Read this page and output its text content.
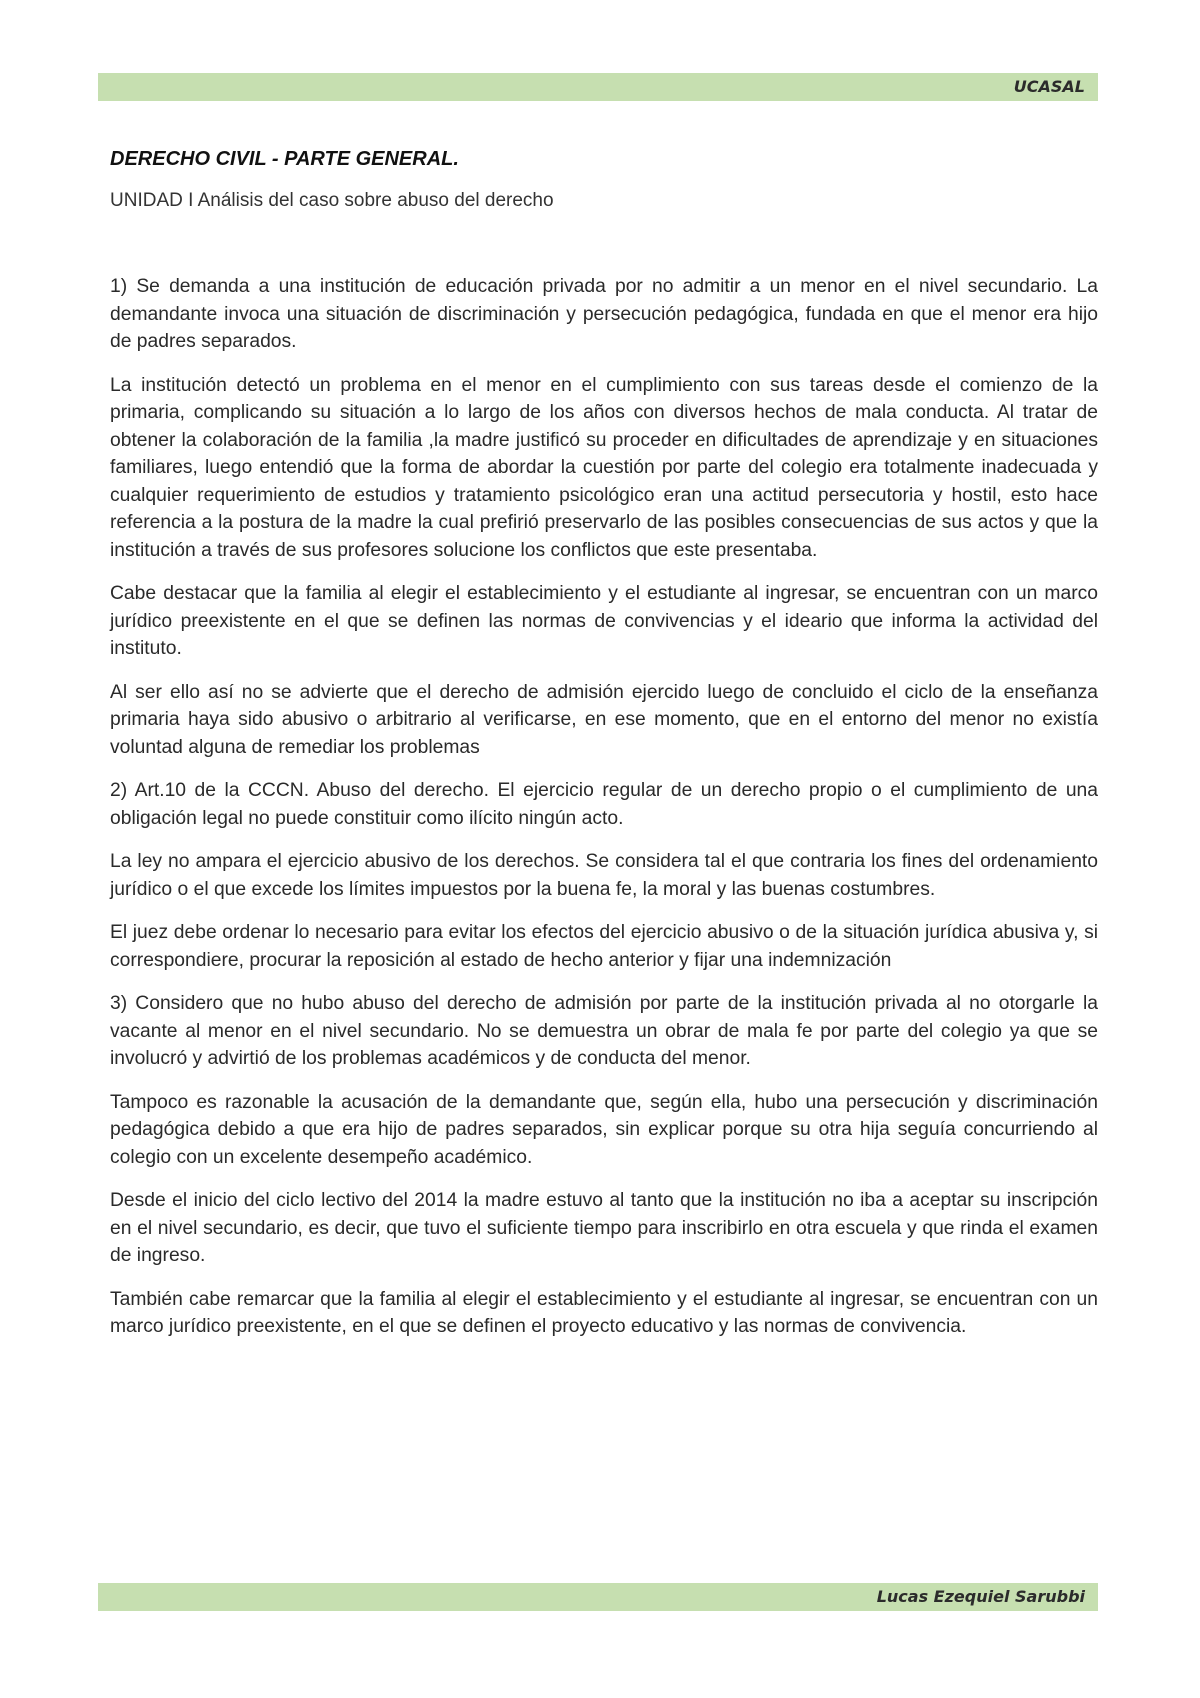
UCASAL
DERECHO CIVIL - PARTE GENERAL.

UNIDAD I Análisis del caso sobre abuso del derecho

1) Se demanda a una institución de educación privada por no admitir a un menor en el nivel secundario. La demandante invoca una situación de discriminación y persecución pedagógica, fundada en que el menor era hijo de padres separados.

La institución detectó un problema en el menor en el cumplimiento con sus tareas desde el comienzo de la primaria, complicando su situación a lo largo de los años con diversos hechos de mala conducta. Al tratar de obtener la colaboración de la familia ,la madre justificó su proceder en dificultades de aprendizaje y en situaciones familiares, luego entendió que la forma de abordar la cuestión por parte del colegio era totalmente inadecuada y cualquier requerimiento de estudios y tratamiento psicológico eran una actitud persecutoria y hostil, esto hace referencia a la postura de la madre la cual prefirió preservarlo de las posibles consecuencias de sus actos y que la institución a través de sus profesores solucione los conflictos que este presentaba.

Cabe destacar que la familia al elegir el establecimiento y el estudiante al ingresar, se encuentran con un marco jurídico preexistente en el que se definen las normas de convivencias y el ideario que informa la actividad del instituto.

Al ser ello así no se advierte que el derecho de admisión ejercido luego de concluido el ciclo de la enseñanza primaria haya sido abusivo o arbitrario al verificarse, en ese momento, que en el entorno del menor no existía voluntad alguna de remediar los problemas

2) Art.10 de la CCCN. Abuso del derecho. El ejercicio regular de un derecho propio o el cumplimiento de una obligación legal no puede constituir como ilícito ningún acto.

La ley no ampara el ejercicio abusivo de los derechos. Se considera tal el que contraria los fines del ordenamiento jurídico o el que excede los límites impuestos por la buena fe, la moral y las buenas costumbres.

El juez debe ordenar lo necesario para evitar los efectos del ejercicio abusivo o de la situación jurídica abusiva y, si correspondiere, procurar la reposición al estado de hecho anterior y fijar una indemnización

3) Considero que no hubo abuso del derecho de admisión por parte de la institución privada al no otorgarle la vacante al menor en el nivel secundario. No se demuestra un obrar de mala fe por parte del colegio ya que se involucró y advirtió de los problemas académicos y de conducta del menor.

Tampoco es razonable la acusación de la demandante que, según ella, hubo una persecución y discriminación pedagógica debido a que era hijo de padres separados, sin explicar porque su otra hija seguía concurriendo al colegio con un excelente desempeño académico.

Desde el inicio del ciclo lectivo del 2014 la madre estuvo al tanto que la institución no iba a aceptar su inscripción en el nivel secundario, es decir, que tuvo el suficiente tiempo para inscribirlo en otra escuela y que rinda el examen de ingreso.

También cabe remarcar que la familia al elegir el establecimiento y el estudiante al ingresar, se encuentran con un marco jurídico preexistente, en el que se definen el proyecto educativo y las normas de convivencia.

Lucas Ezequiel Sarubbi
